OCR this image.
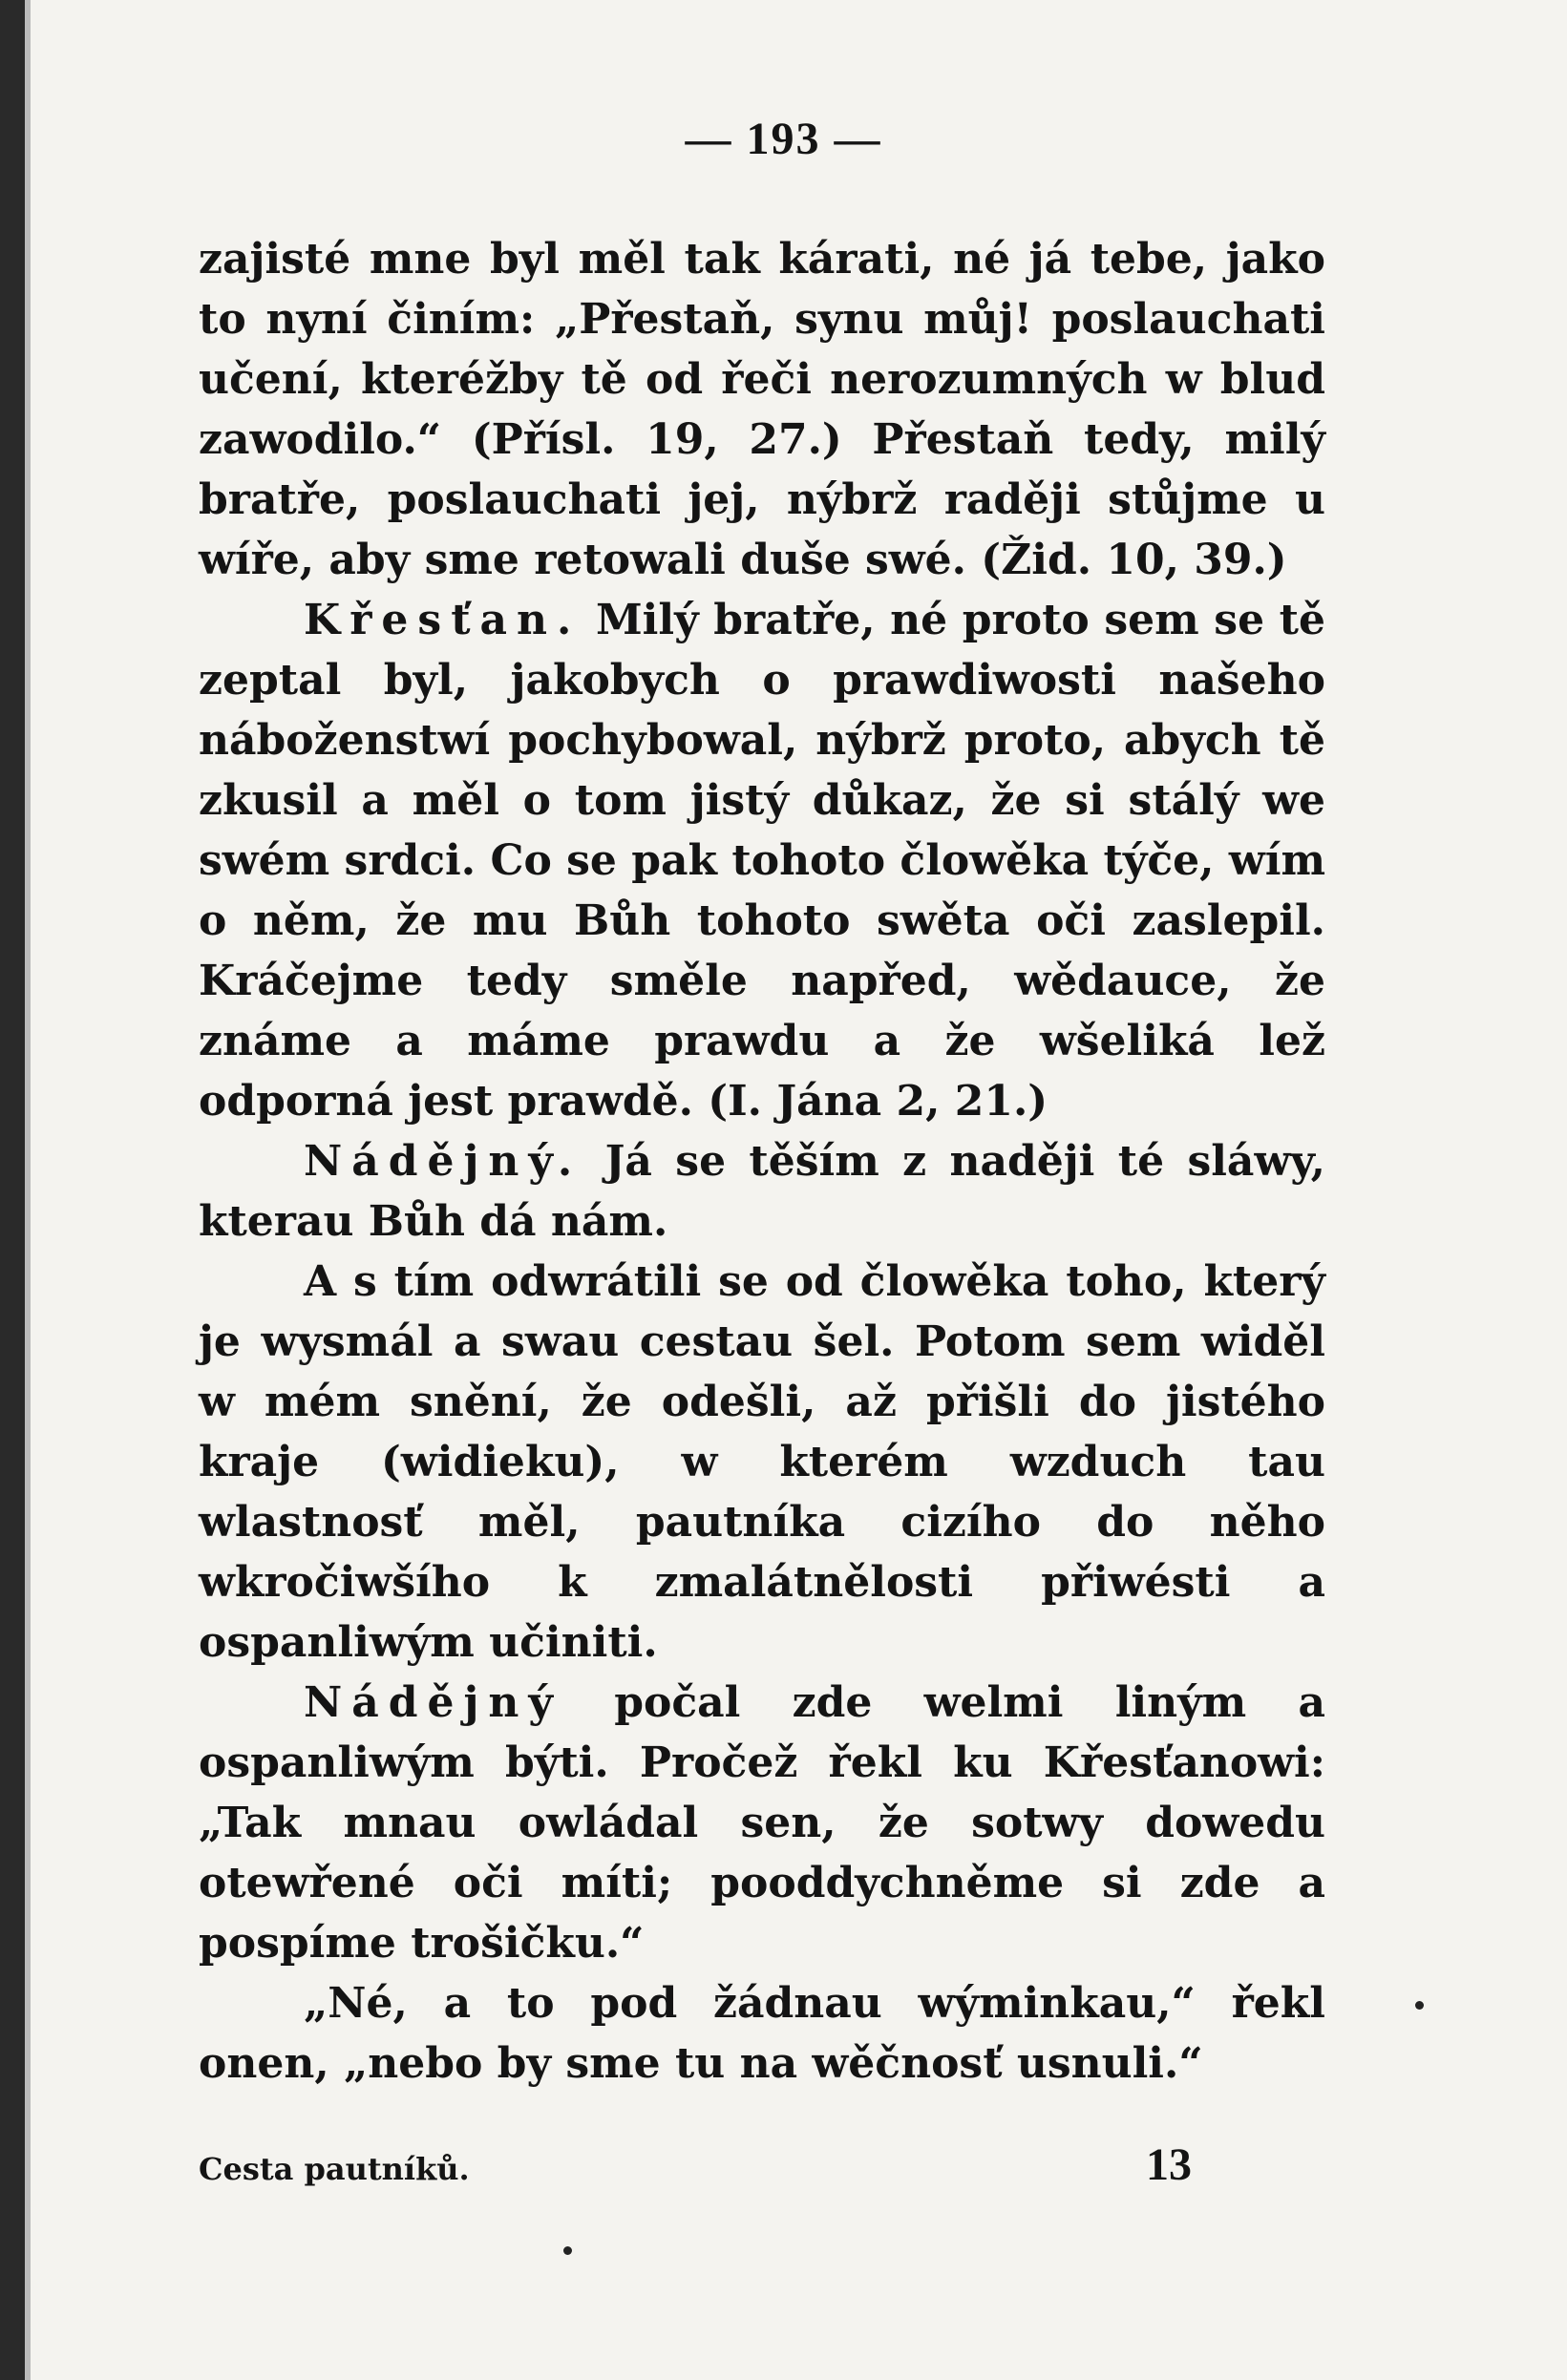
— 193 —

zajisté mne byl měl tak kárati, né já tebe, jako to nyní činím: „Přestaň, synu můj! poslauchati učení, kteréžby tě od řeči nerozumných w blud zawodilo.“ (Přísl. 19, 27.) Přestaň tedy, milý bratře, poslauchati jej, nýbrž raději stůjme u wíře, aby sme retowali duše swé. (Žid. 10, 39.)

Křesťan. Milý bratře, né proto sem se tě zeptal byl, jakobych o prawdiwosti našeho náboženstwí pochybowal, nýbrž proto, abych tě zkusil a měl o tom jistý důkaz, že si stálý we swém srdci. Co se pak tohoto člowěka týče, wím o něm, že mu Bůh tohoto swěta oči zaslepil. Kráčejme tedy směle napřed, wědauce, že známe a máme prawdu a že wšeliká lež odporná jest prawdě. (I. Jána 2, 21.)

Nádějný. Já se těším z naději té sláwy, kterau Bůh dá nám.

A s tím odwrátili se od člowěka toho, který je wysmál a swau cestau šel. Potom sem widěl w mém snění, že odešli, až přišli do jistého kraje (widieku), w kterém wzduch tau wlastnosť měl, pautníka cizího do něho wkročiwšího k zmalátnělosti přiwésti a ospanliwým učiniti.

Nádějný počal zde welmi liným a ospanliwým býti. Pročež řekl ku Křesťanowi: „Tak mnau owládal sen, že sotwy dowedu otewřené oči míti; pooddychněme si zde a pospíme trošičku.“

„Né, a to pod žádnau wýminkau,“ řekl onen, „nebo by sme tu na wěčnosť usnuli.“

Cesta pautníků.	13
